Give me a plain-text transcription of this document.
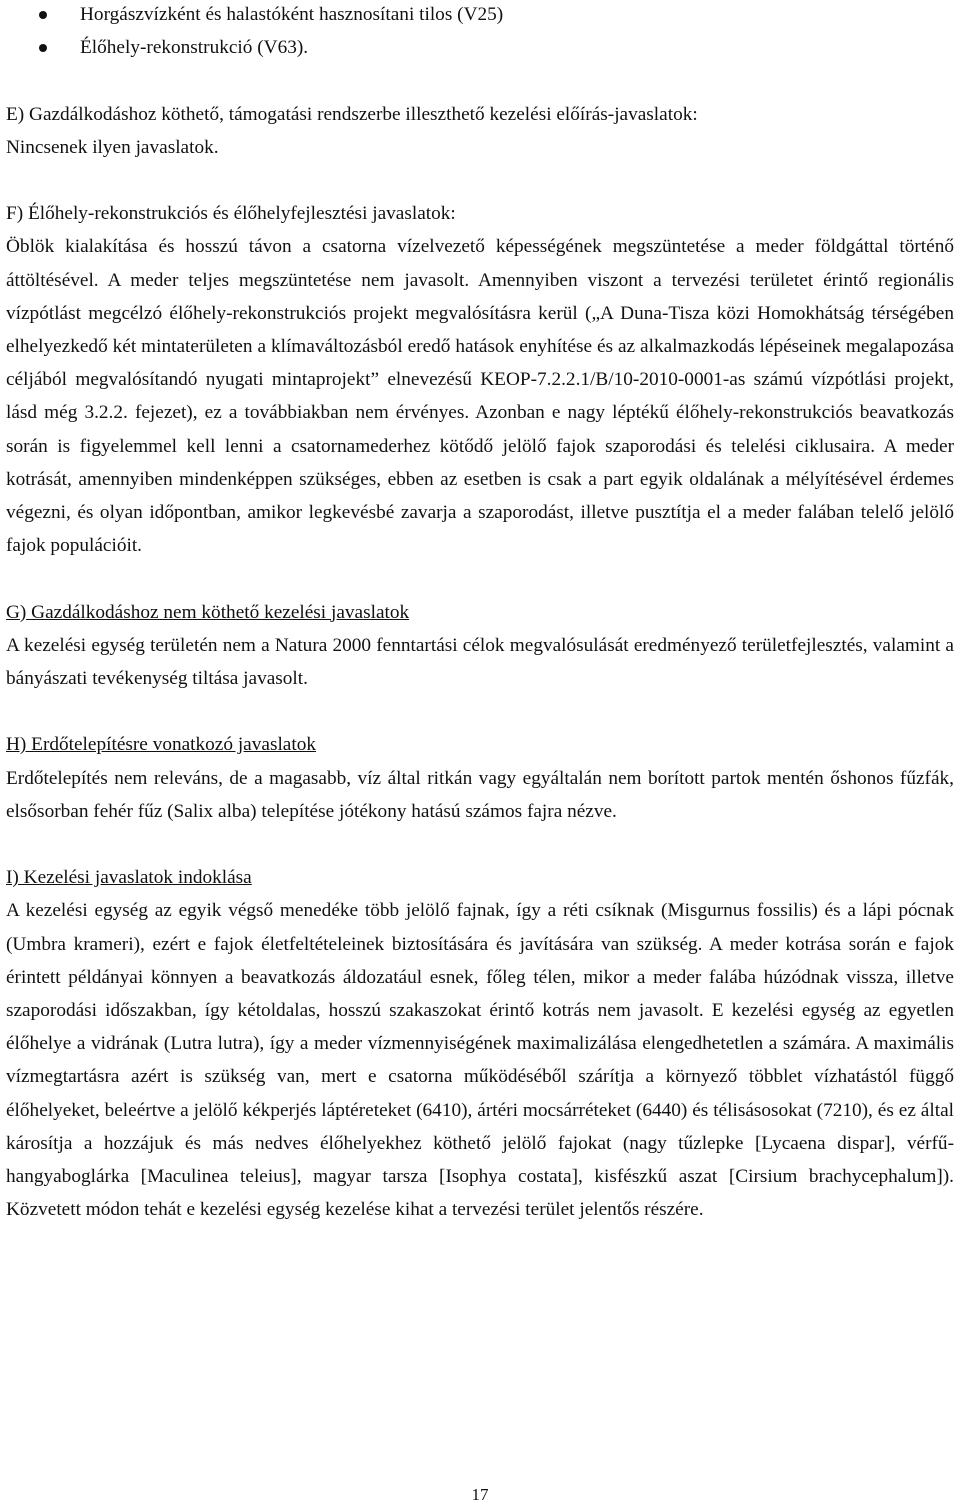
Horgászvízként és halastóként hasznosítani tilos (V25)
Élőhely-rekonstrukció (V63).

E) Gazdálkodáshoz köthető, támogatási rendszerbe illeszthető kezelési előírás-javaslatok:

Nincsenek ilyen javaslatok.

F) Élőhely-rekonstrukciós és élőhelyfejlesztési javaslatok:

Öblök kialakítása és hosszú távon a csatorna vízelvezető képességének megszüntetése a meder földgáttal történő áttöltésével. A meder teljes megszüntetése nem javasolt. Amennyiben viszont a tervezési területet érintő regionális vízpótlást megcélzó élőhely-rekonstrukciós projekt megvalósításra kerül („A Duna-Tisza közi Homokhátság térségében elhelyezkedő két mintaterületen a klímaváltozásból eredő hatások enyhítése és az alkalmazkodás lépéseinek megalapozása céljából megvalósítandó nyugati mintaprojekt” elnevezésű KEOP-7.2.2.1/B/10-2010-0001-as számú vízpótlási projekt, lásd még 3.2.2. fejezet), ez a továbbiakban nem érvényes. Azonban e nagy léptékű élőhely-rekonstrukciós beavatkozás során is figyelemmel kell lenni a csatornamederhez kötődő jelölő fajok szaporodási és telelési ciklusaira. A meder kotrását, amennyiben mindenképpen szükséges, ebben az esetben is csak a part egyik oldalának a mélyítésével érdemes végezni, és olyan időpontban, amikor legkevésbé zavarja a szaporodást, illetve pusztítja el a meder falában telelő jelölő fajok populációit.

G) Gazdálkodáshoz nem köthető kezelési javaslatok

A kezelési egység területén nem a Natura 2000 fenntartási célok megvalósulását eredményező területfejlesztés, valamint a bányászati tevékenység tiltása javasolt.

H) Erdőtelepítésre vonatkozó javaslatok

Erdőtelepítés nem releváns, de a magasabb, víz által ritkán vagy egyáltalán nem borított partok mentén őshonos fűzfák, elsősorban fehér fűz (Salix alba) telepítése jótékony hatású számos fajra nézve.

I) Kezelési javaslatok indoklása

A kezelési egység az egyik végső menedéke több jelölő fajnak, így a réti csíknak (Misgurnus fossilis) és a lápi pócnak (Umbra krameri), ezért e fajok életfeltételeinek biztosítására és javítására van szükség. A meder kotrása során e fajok érintett példányai könnyen a beavatkozás áldozatául esnek, főleg télen, mikor a meder falába húzódnak vissza, illetve szaporodási időszakban, így kétoldalas, hosszú szakaszokat érintő kotrás nem javasolt. E kezelési egység az egyetlen élőhelye a vidrának (Lutra lutra), így a meder vízmennyiségének maximalizálása elengedhetetlen a számára. A maximális vízmegtartásra azért is szükség van, mert e csatorna működéséből szárítja a környező többlet vízhatástól függő élőhelyeket, beleértve a jelölő kékperjés láptéreteket (6410), ártéri mocsárréteket (6440) és télisásosokat (7210), és ez által károsítja a hozzájuk és más nedves élőhelyekhez köthető jelölő fajokat (nagy tűzlepke [Lycaena dispar], vérfű-hangyaboglárka [Maculinea teleius], magyar tarsza [Isophya costata], kisfészkű aszat [Cirsium brachycephalum]). Közvetett módon tehát e kezelési egység kezelése kihat a tervezési terület jelentős részére.

17
